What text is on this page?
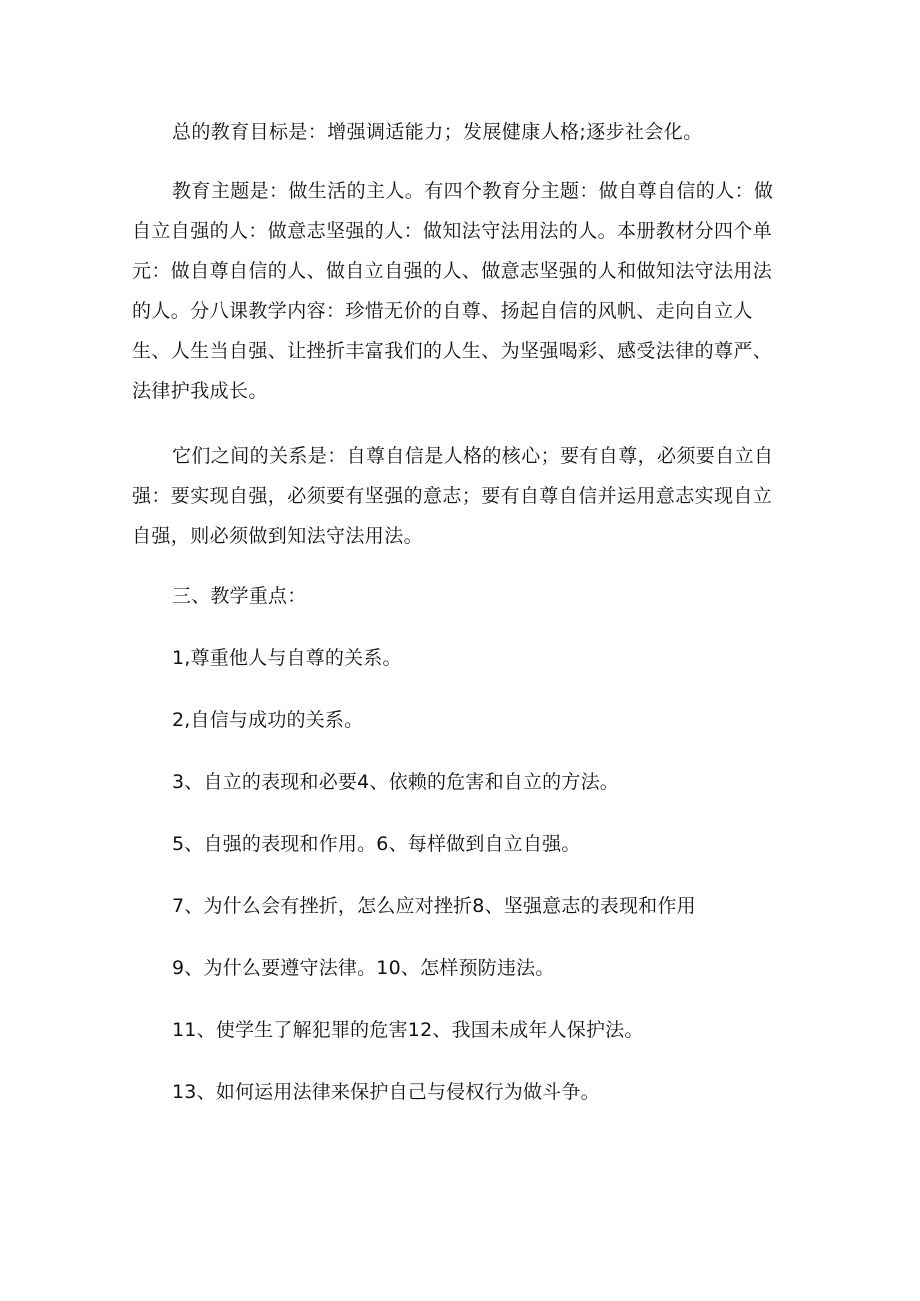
总的教育目标是：增强调适能力；发展健康人格;逐步社会化。

教育主题是：做生活的主人。有四个教育分主题：做自尊自信的人：做自立自强的人：做意志坚强的人：做知法守法用法的人。本册教材分四个单元：做自尊自信的人、做自立自强的人、做意志坚强的人和做知法守法用法的人。分八课教学内容：珍惜无价的自尊、扬起自信的风帆、走向自立人生、人生当自强、让挫折丰富我们的人生、为坚强喝彩、感受法律的尊严、法律护我成长。

它们之间的关系是：自尊自信是人格的核心；要有自尊，必须要自立自强：要实现自强，必须要有坚强的意志；要有自尊自信并运用意志实现自立自强，则必须做到知法守法用法。

三、教学重点：

1,尊重他人与自尊的关系。

2,自信与成功的关系。

3、自立的表现和必要4、依赖的危害和自立的方法。

5、自强的表现和作用。6、每样做到自立自强。

7、为什么会有挫折，怎么应对挫折8、坚强意志的表现和作用

9、为什么要遵守法律。10、怎样预防违法。

11、使学生了解犯罪的危害12、我国未成年人保护法。

13、如何运用法律来保护自己与侵权行为做斗争。
